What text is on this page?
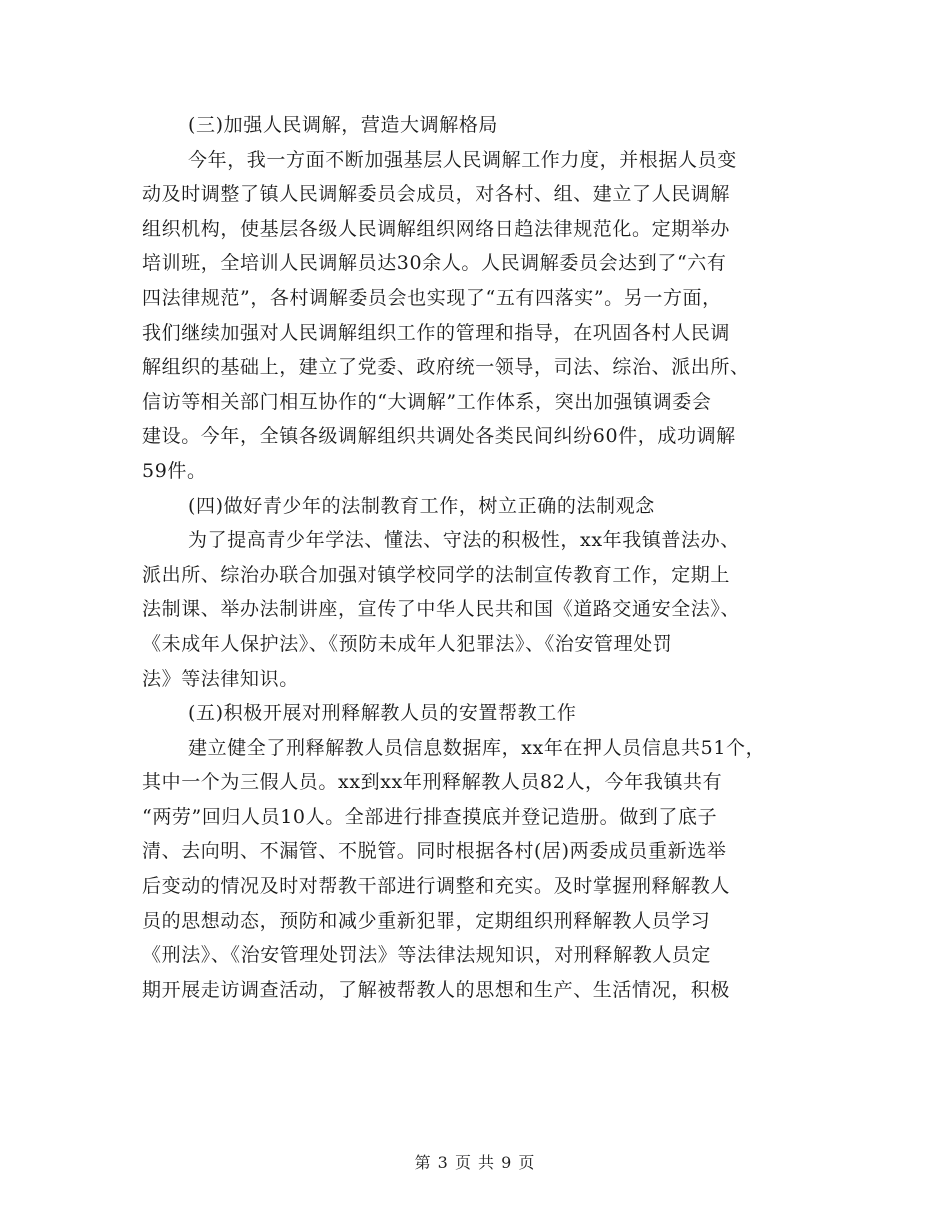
(三)加强人民调解，营造大调解格局
今年，我一方面不断加强基层人民调解工作力度，并根据人员变
动及时调整了镇人民调解委员会成员，对各村、组、建立了人民调解
组织机构，使基层各级人民调解组织网络日趋法律规范化。定期举办
培训班，全培训人民调解员达30余人。人民调解委员会达到了“六有
四法律规范”，各村调解委员会也实现了“五有四落实”。另一方面，
我们继续加强对人民调解组织工作的管理和指导，在巩固各村人民调
解组织的基础上，建立了党委、政府统一领导，司法、综治、派出所、
信访等相关部门相互协作的“大调解”工作体系，突出加强镇调委会
建设。今年，全镇各级调解组织共调处各类民间纠纷60件，成功调解
59件。
(四)做好青少年的法制教育工作，树立正确的法制观念
为了提高青少年学法、懂法、守法的积极性，xx年我镇普法办、
派出所、综治办联合加强对镇学校同学的法制宣传教育工作，定期上
法制课、举办法制讲座，宣传了中华人民共和国《道路交通安全法》、
《未成年人保护法》、《预防未成年人犯罪法》、《治安管理处罚
法》等法律知识。
(五)积极开展对刑释解教人员的安置帮教工作
建立健全了刑释解教人员信息数据库，xx年在押人员信息共51个，
其中一个为三假人员。xx到xx年刑释解教人员82人，今年我镇共有
“两劳”回归人员10人。全部进行排查摸底并登记造册。做到了底子
清、去向明、不漏管、不脱管。同时根据各村(居)两委成员重新选举
后变动的情况及时对帮教干部进行调整和充实。及时掌握刑释解教人
员的思想动态，预防和减少重新犯罪，定期组织刑释解教人员学习
《刑法》、《治安管理处罚法》等法律法规知识，对刑释解教人员定
期开展走访调查活动，了解被帮教人的思想和生产、生活情况，积极
第 3 页 共 9 页
